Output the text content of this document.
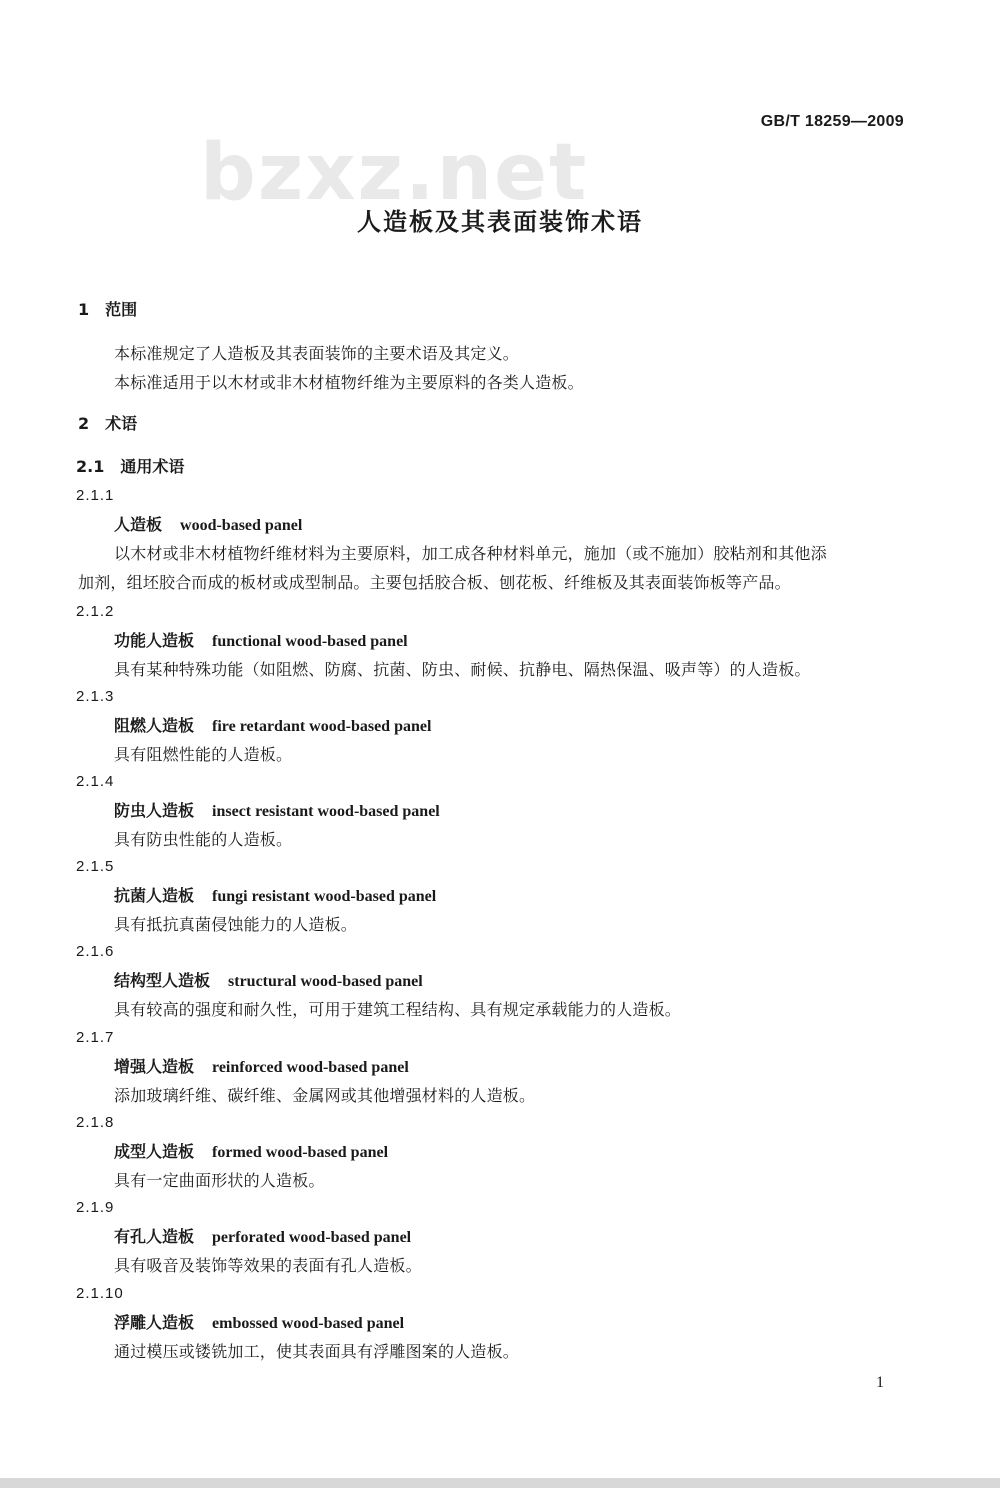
GB/T 18259—2009
bzxz.net
人造板及其表面装饰术语
1　范围
本标准规定了人造板及其表面装饰的主要术语及其定义。
本标准适用于以木材或非木材植物纤维为主要原料的各类人造板。
2　术语
2.1　通用术语
2.1.1
人造板 wood-based panel
以木材或非木材植物纤维材料为主要原料，加工成各种材料单元，施加（或不施加）胶粘剂和其他添
加剂，组坯胶合而成的板材或成型制品。主要包括胶合板、刨花板、纤维板及其表面装饰板等产品。
2.1.2
功能人造板 functional wood-based panel
具有某种特殊功能（如阻燃、防腐、抗菌、防虫、耐候、抗静电、隔热保温、吸声等）的人造板。
2.1.3
阻燃人造板 fire retardant wood-based panel
具有阻燃性能的人造板。
2.1.4
防虫人造板 insect resistant wood-based panel
具有防虫性能的人造板。
2.1.5
抗菌人造板 fungi resistant wood-based panel
具有抵抗真菌侵蚀能力的人造板。
2.1.6
结构型人造板 structural wood-based panel
具有较高的强度和耐久性，可用于建筑工程结构、具有规定承载能力的人造板。
2.1.7
增强人造板 reinforced wood-based panel
添加玻璃纤维、碳纤维、金属网或其他增强材料的人造板。
2.1.8
成型人造板 formed wood-based panel
具有一定曲面形状的人造板。
2.1.9
有孔人造板 perforated wood-based panel
具有吸音及装饰等效果的表面有孔人造板。
2.1.10
浮雕人造板 embossed wood-based panel
通过模压或镂铣加工，使其表面具有浮雕图案的人造板。
1
